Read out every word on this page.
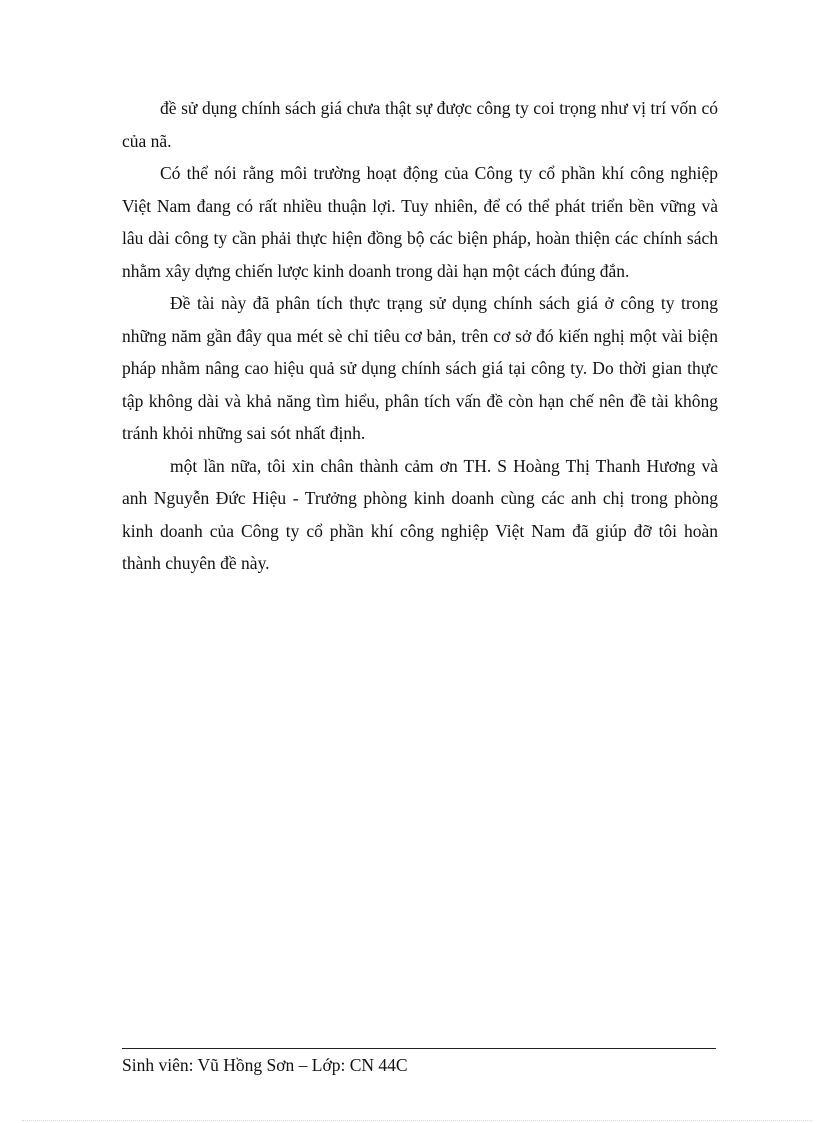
đề sử dụng chính sách giá chưa thật sự được công ty coi trọng như vị trí vốn có của nã.

Có thể nói rằng môi trường hoạt động của Công ty cổ phần khí công nghiệp Việt Nam đang có rất nhiều thuận lợi. Tuy nhiên, để có thể phát triển bền vững và lâu dài công ty cần phải thực hiện đồng bộ các biện pháp, hoàn thiện các chính sách nhằm xây dựng chiến lược kinh doanh trong dài hạn một cách đúng đắn.

Đề tài này đã phân tích thực trạng sử dụng chính sách giá ở công ty trong những năm gần đây qua mét sè chỉ tiêu cơ bản, trên cơ sở đó kiến nghị một vài biện pháp nhằm nâng cao hiệu quả sử dụng chính sách giá tại công ty. Do thời gian thực tập không dài và khả năng tìm hiểu, phân tích vấn đề còn hạn chế nên đề tài không tránh khỏi những sai sót nhất định.

một lần nữa, tôi xin chân thành cảm ơn TH. S Hoàng Thị Thanh Hương và anh Nguyễn Đức Hiệu - Trưởng phòng kinh doanh cùng các anh chị trong phòng kinh doanh của Công ty cổ phần khí công nghiệp Việt Nam đã giúp đỡ tôi hoàn thành chuyên đề này.

Sinh viên: Vũ Hồng Sơn – Lớp: CN 44C
